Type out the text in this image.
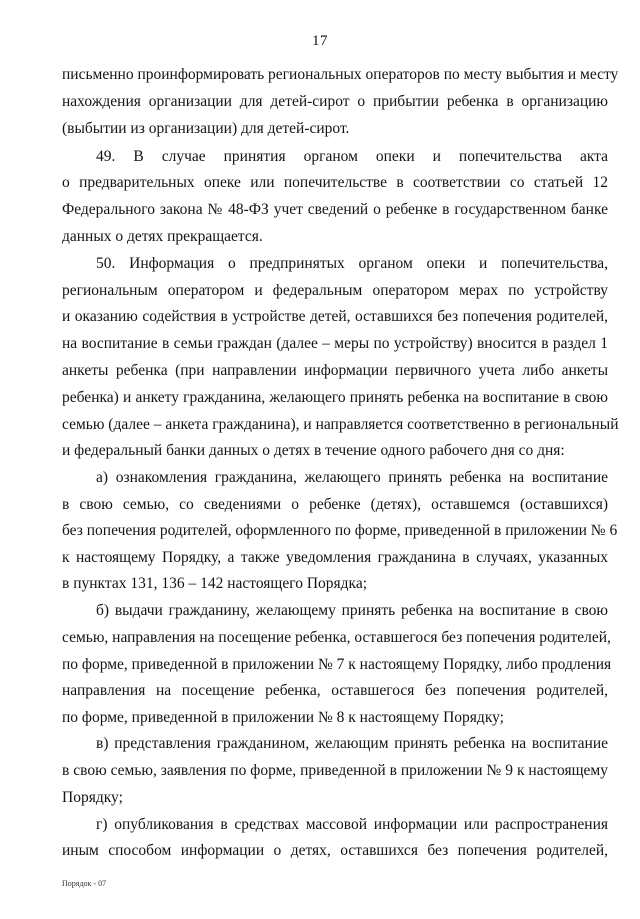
17
письменно проинформировать региональных операторов по месту выбытия и месту
нахождения организации для детей-сирот о прибытии ребенка в организацию
(выбытии из организации) для детей-сирот.
49. В случае принятия органом опеки и попечительства акта
о предварительных опеке или попечительстве в соответствии со статьей 12
Федерального закона № 48-ФЗ учет сведений о ребенке в государственном банке
данных о детях прекращается.
50. Информация о предпринятых органом опеки и попечительства,
региональным оператором и федеральным оператором мерах по устройству
и оказанию содействия в устройстве детей, оставшихся без попечения родителей,
на воспитание в семьи граждан (далее – меры по устройству) вносится в раздел 1
анкеты ребенка (при направлении информации первичного учета либо анкеты
ребенка) и анкету гражданина, желающего принять ребенка на воспитание в свою
семью (далее – анкета гражданина), и направляется соответственно в региональный
и федеральный банки данных о детях в течение одного рабочего дня со дня:
а) ознакомления гражданина, желающего принять ребенка на воспитание
в свою семью, со сведениями о ребенке (детях), оставшемся (оставшихся)
без попечения родителей, оформленного по форме, приведенной в приложении № 6
к настоящему Порядку, а также уведомления гражданина в случаях, указанных
в пунктах 131, 136 – 142 настоящего Порядка;
б) выдачи гражданину, желающему принять ребенка на воспитание в свою
семью, направления на посещение ребенка, оставшегося без попечения родителей,
по форме, приведенной в приложении № 7 к настоящему Порядку, либо продления
направления на посещение ребенка, оставшегося без попечения родителей,
по форме, приведенной в приложении № 8 к настоящему Порядку;
в) представления гражданином, желающим принять ребенка на воспитание
в свою семью, заявления по форме, приведенной в приложении № 9 к настоящему
Порядку;
г) опубликования в средствах массовой информации или распространения
иным способом информации о детях, оставшихся без попечения родителей,
Порядок - 07
